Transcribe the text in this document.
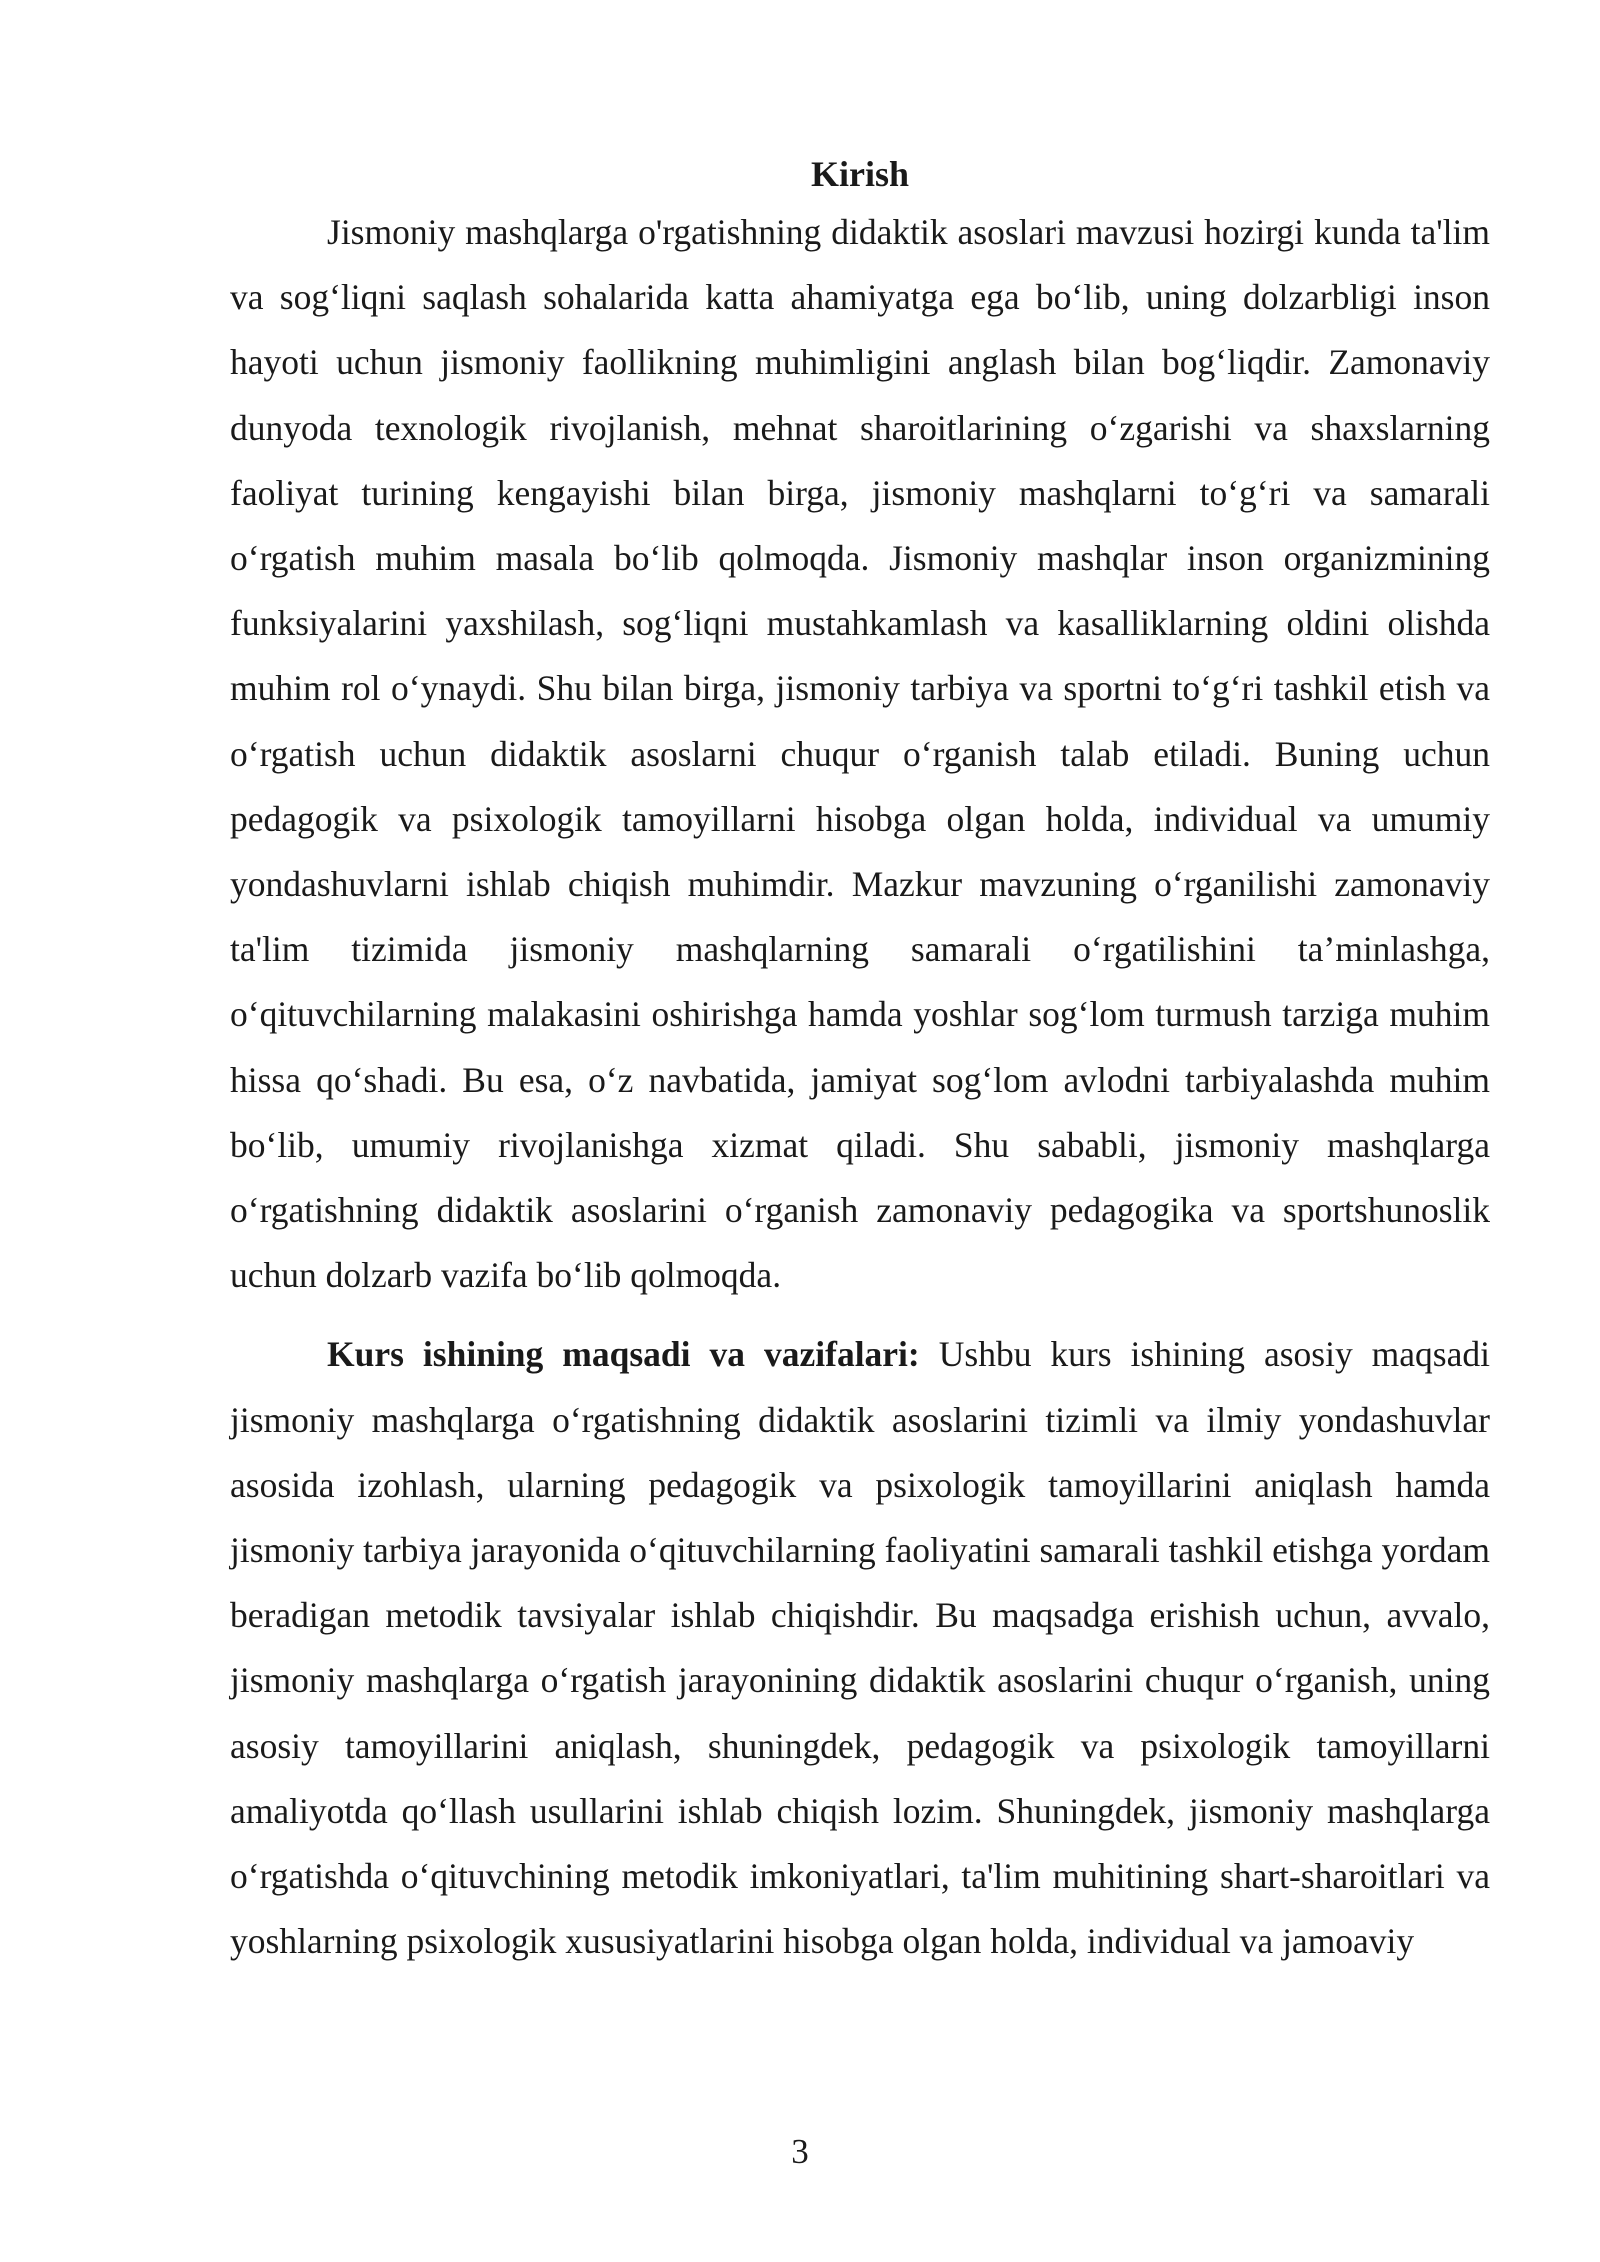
Kirish

Jismoniy mashqlarga o'rgatishning didaktik asoslari mavzusi hozirgi kunda ta'lim va sog‘liqni saqlash sohalarida katta ahamiyatga ega bo‘lib, uning dolzarbligi inson hayoti uchun jismoniy faollikning muhimligini anglash bilan bog‘liqdir. Zamonaviy dunyoda texnologik rivojlanish, mehnat sharoitlarining o‘zgarishi va shaxslarning faoliyat turining kengayishi bilan birga, jismoniy mashqlarni to‘g‘ri va samarali o‘rgatish muhim masala bo‘lib qolmoqda. Jismoniy mashqlar inson organizmining funksiyalarini yaxshilash, sog‘liqni mustahkamlash va kasalliklarning oldini olishda muhim rol o‘ynaydi. Shu bilan birga, jismoniy tarbiya va sportni to‘g‘ri tashkil etish va o‘rgatish uchun didaktik asoslarni chuqur o‘rganish talab etiladi. Buning uchun pedagogik va psixologik tamoyillarni hisobga olgan holda, individual va umumiy yondashuvlarni ishlab chiqish muhimdir. Mazkur mavzuning o‘rganilishi zamonaviy ta'lim tizimida jismoniy mashqlarning samarali o‘rgatilishini ta’minlashga, o‘qituvchilarning malakasini oshirishga hamda yoshlar sog‘lom turmush tarziga muhim hissa qo‘shadi. Bu esa, o‘z navbatida, jamiyat sog‘lom avlodni tarbiyalashda muhim bo‘lib, umumiy rivojlanishga xizmat qiladi. Shu sababli, jismoniy mashqlarga o‘rgatishning didaktik asoslarini o‘rganish zamonaviy pedagogika va sportshunoslik uchun dolzarb vazifa bo‘lib qolmoqda.

Kurs ishining maqsadi va vazifalari: Ushbu kurs ishining asosiy maqsadi jismoniy mashqlarga o‘rgatishning didaktik asoslarini tizimli va ilmiy yondashuvlar asosida izohlash, ularning pedagogik va psixologik tamoyillarini aniqlash hamda jismoniy tarbiya jarayonida o‘qituvchilarning faoliyatini samarali tashkil etishga yordam beradigan metodik tavsiyalar ishlab chiqishdir. Bu maqsadga erishish uchun, avvalo, jismoniy mashqlarga o‘rgatish jarayonining didaktik asoslarini chuqur o‘rganish, uning asosiy tamoyillarini aniqlash, shuningdek, pedagogik va psixologik tamoyillarni amaliyotda qo‘llash usullarini ishlab chiqish lozim. Shuningdek, jismoniy mashqlarga o‘rgatishda o‘qituvchining metodik imkoniyatlari, ta'lim muhitining shart-sharoitlari va yoshlarning psixologik xususiyatlarini hisobga olgan holda, individual va jamoaviy

3
